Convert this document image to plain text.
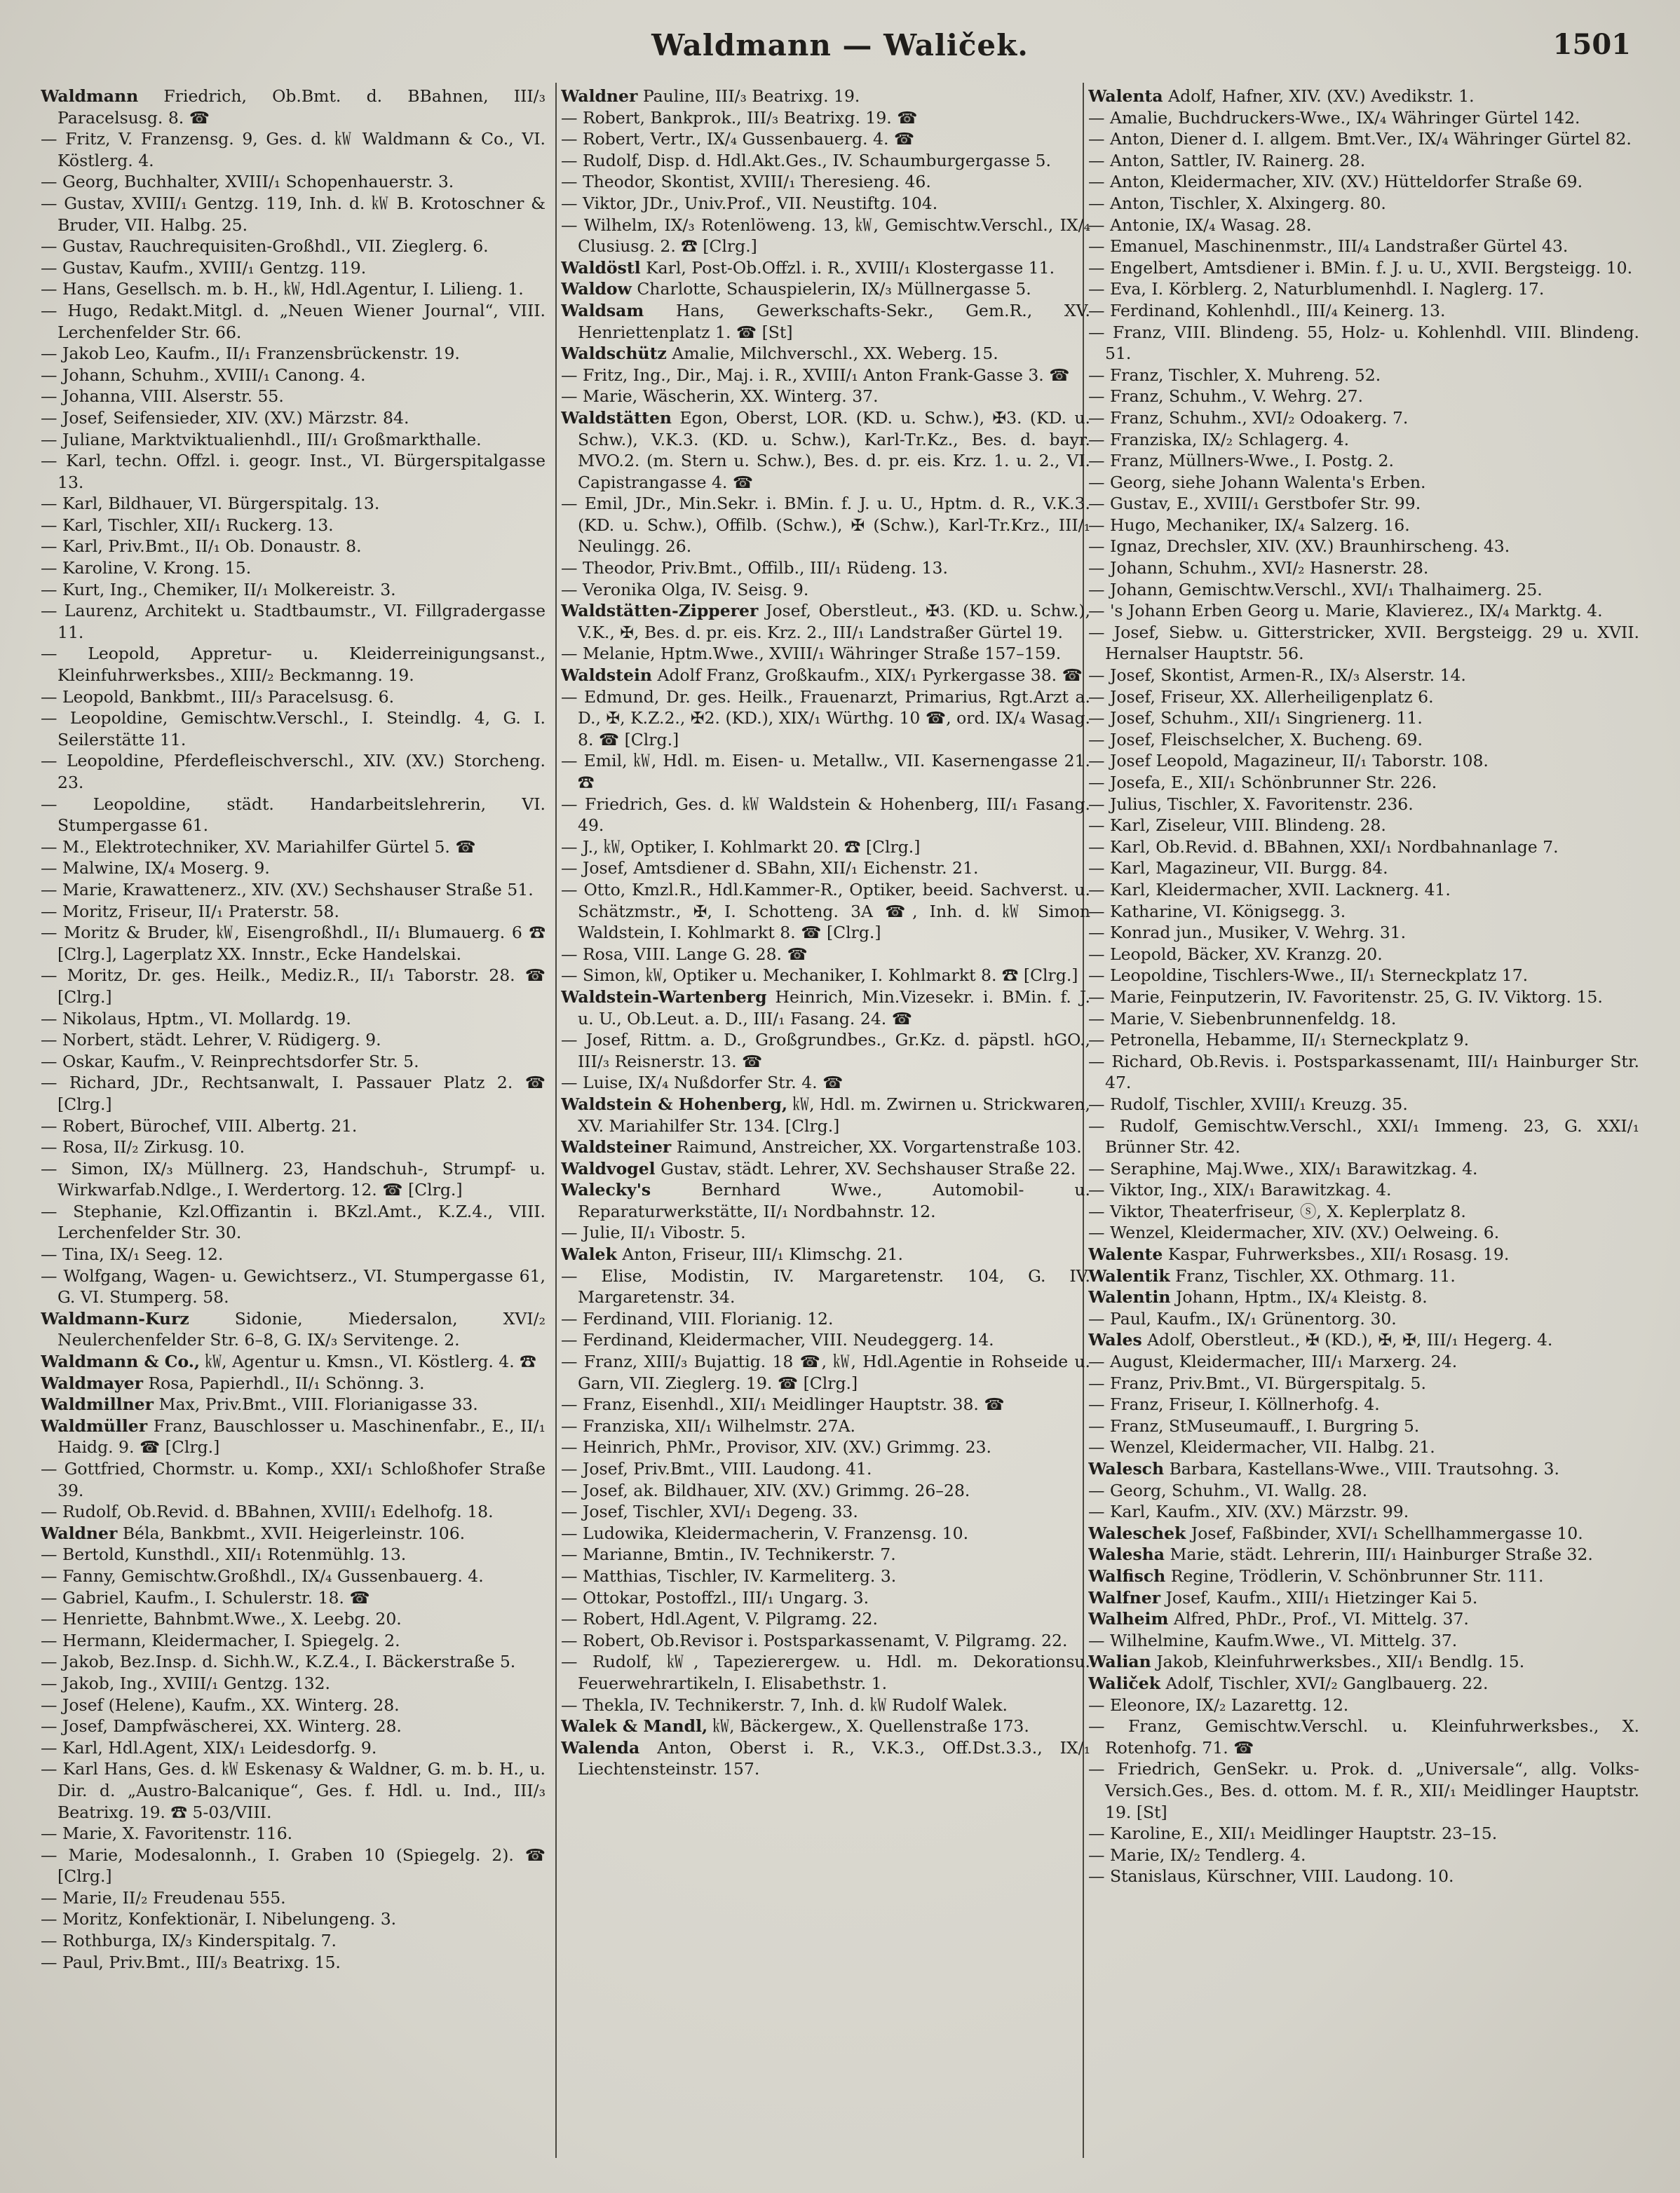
Waldmann — Waliček.	1501

Waldmann Friedrich, Ob.Bmt. d. BBahnen, III/₃ Paracelsusg. 8. ☎

— Fritz, V. Franzensg. 9, Ges. d. ㎾ Waldmann & Co., VI. Köstlerg. 4.

— Georg, Buchhalter, XVIII/₁ Schopenhauerstr. 3.

— Gustav, XVIII/₁ Gentzg. 119, Inh. d. ㎾ B. Krotoschner & Bruder, VII. Halbg. 25.

— Gustav, Rauchrequisiten-Großhdl., VII. Zieglerg. 6.

— Gustav, Kaufm., XVIII/₁ Gentzg. 119.

— Hans, Gesellsch. m. b. H., ㎾, Hdl.Agentur, I. Lilieng. 1.

— Hugo, Redakt.Mitgl. d. „Neuen Wiener Journal“, VIII. Lerchenfelder Str. 66.

— Jakob Leo, Kaufm., II/₁ Franzensbrückenstr. 19.

— Johann, Schuhm., XVIII/₁ Canong. 4.

— Johanna, VIII. Alserstr. 55.

— Josef, Seifensieder, XIV. (XV.) Märzstr. 84.

— Juliane, Marktviktualienhdl., III/₁ Großmarkthalle.

— Karl, techn. Offzl. i. geogr. Inst., VI. Bürgerspitalgasse 13.

— Karl, Bildhauer, VI. Bürgerspitalg. 13.

— Karl, Tischler, XII/₁ Ruckerg. 13.

— Karl, Priv.Bmt., II/₁ Ob. Donaustr. 8.

— Karoline, V. Krong. 15.

— Kurt, Ing., Chemiker, II/₁ Molkereistr. 3.

— Laurenz, Architekt u. Stadtbaumstr., VI. Fillgradergasse 11.

— Leopold, Appretur- u. Kleiderreinigungsanst., Kleinfuhrwerksbes., XIII/₂ Beckmanng. 19.

— Leopold, Bankbmt., III/₃ Paracelsusg. 6.

— Leopoldine, Gemischtw.Verschl., I. Steindlg. 4, G. I. Seilerstätte 11.

— Leopoldine, Pferdefleischverschl., XIV. (XV.) Storcheng. 23.

— Leopoldine, städt. Handarbeitslehrerin, VI. Stumpergasse 61.

— M., Elektrotechniker, XV. Mariahilfer Gürtel 5. ☎

— Malwine, IX/₄ Moserg. 9.

— Marie, Krawattenerz., XIV. (XV.) Sechshauser Straße 51.

— Moritz, Friseur, II/₁ Praterstr. 58.

— Moritz & Bruder, ㎾, Eisengroßhdl., II/₁ Blumauerg. 6 ☎ [Clrg.], Lagerplatz XX. Innstr., Ecke Handelskai.

— Moritz, Dr. ges. Heilk., Mediz.R., II/₁ Taborstr. 28. ☎ [Clrg.]

— Nikolaus, Hptm., VI. Mollardg. 19.

— Norbert, städt. Lehrer, V. Rüdigerg. 9.

— Oskar, Kaufm., V. Reinprechtsdorfer Str. 5.

— Richard, JDr., Rechtsanwalt, I. Passauer Platz 2. ☎ [Clrg.]

— Robert, Bürochef, VIII. Albertg. 21.

— Rosa, II/₂ Zirkusg. 10.

— Simon, IX/₃ Müllnerg. 23, Handschuh-, Strumpf- u. Wirkwarfab.Ndlge., I. Werdertorg. 12. ☎ [Clrg.]

— Stephanie, Kzl.Offizantin i. BKzl.Amt., K.Z.4., VIII. Lerchenfelder Str. 30.

— Tina, IX/₁ Seeg. 12.

— Wolfgang, Wagen- u. Gewichtserz., VI. Stumpergasse 61, G. VI. Stumperg. 58.

Waldmann-Kurz	Sidonie, Miedersalon, XVI/₂ Neulerchenfelder Str. 6–8, G. IX/₃ Servitenge. 2.

Waldmann & Co., ㎾, Agentur u. Kmsn., VI. Köstlerg. 4. ☎

Waldmayer Rosa, Papierhdl., II/₁ Schönng. 3.

Waldmillner Max, Priv.Bmt., VIII. Florianigasse 33.

Waldmüller Franz, Bauschlosser u. Maschinenfabr., E., II/₁ Haidg. 9. ☎ [Clrg.]

— Gottfried, Chormstr. u. Komp., XXI/₁ Schloßhofer Straße 39.

— Rudolf, Ob.Revid. d. BBahnen, XVIII/₁ Edelhofg. 18.

Waldner Béla, Bankbmt., XVII. Heigerleinstr. 106.

— Bertold, Kunsthdl., XII/₁ Rotenmühlg. 13.

— Fanny, Gemischtw.Großhdl., IX/₄ Gussenbauerg. 4.

— Gabriel, Kaufm., I. Schulerstr. 18. ☎

— Henriette, Bahnbmt.Wwe., X. Leebg. 20.

— Hermann, Kleidermacher, I. Spiegelg. 2.

— Jakob, Bez.Insp. d. Sichh.W., K.Z.4., I. Bäckerstraße 5.

— Jakob, Ing., XVIII/₁ Gentzg. 132.

— Josef (Helene), Kaufm., XX. Winterg. 28.

— Josef, Dampfwäscherei, XX. Winterg. 28.

— Karl, Hdl.Agent, XIX/₁ Leidesdorfg. 9.

— Karl Hans, Ges. d. ㎾ Eskenasy & Waldner, G. m. b. H., u. Dir. d. „Austro-Balcanique“, Ges. f. Hdl. u. Ind., III/₃ Beatrixg. 19. ☎ 5-03/VIII.

— Marie, X. Favoritenstr. 116.

— Marie, Modesalonnh., I. Graben 10 (Spiegelg. 2). ☎ [Clrg.]

— Marie, II/₂ Freudenau 555.

— Moritz, Konfektionär, I. Nibelungeng. 3.

— Rothburga, IX/₃ Kinderspitalg. 7.

— Paul, Priv.Bmt., III/₃ Beatrixg. 15.

Waldner Pauline, III/₃ Beatrixg. 19.

— Robert, Bankprok., III/₃ Beatrixg. 19. ☎

— Robert, Vertr., IX/₄ Gussenbauerg. 4. ☎

— Rudolf, Disp. d. Hdl.Akt.Ges., IV. Schaumburgergasse 5.

— Theodor, Skontist, XVIII/₁ Theresieng. 46.

— Viktor, JDr., Univ.Prof., VII. Neustiftg. 104.

— Wilhelm, IX/₃ Rotenlöweng. 13, ㎾, Gemischtw.Verschl., IX/₄ Clusiusg. 2. ☎ [Clrg.]

Waldöstl Karl, Post-Ob.Offzl. i. R., XVIII/₁ Klostergasse 11.

Waldow Charlotte, Schauspielerin, IX/₃ Müllnergasse 5.

Waldsam Hans, Gewerkschafts-Sekr., Gem.R., XV. Henriettenplatz 1. ☎ [St]

Waldschütz Amalie, Milchverschl., XX. Weberg. 15.

— Fritz, Ing., Dir., Maj. i. R., XVIII/₁ Anton Frank-Gasse 3. ☎

— Marie, Wäscherin, XX. Winterg. 37.

Waldstätten Egon, Oberst, LOR. (KD. u. Schw.), ✠3. (KD. u. Schw.), V.K.3. (KD. u. Schw.), Karl-Tr.Kz., Bes. d. bayr. MVO.2. (m. Stern u. Schw.), Bes. d. pr. eis. Krz. 1. u. 2., VI. Capistrangasse 4. ☎

— Emil, JDr., Min.Sekr. i. BMin. f. J. u. U., Hptm. d. R., V.K.3. (KD. u. Schw.), Offilb. (Schw.), ✠ (Schw.), Karl-Tr.Krz., III/₁ Neulingg. 26.

— Theodor, Priv.Bmt., Offilb., III/₁ Rüdeng. 13.

— Veronika Olga, IV. Seisg. 9.

Waldstätten-Zipperer Josef, Oberstleut., ✠3. (KD. u. Schw.), V.K., ✠, Bes. d. pr. eis. Krz. 2., III/₁ Landstraßer Gürtel 19.

— Melanie, Hptm.Wwe., XVIII/₁ Währinger Straße 157–159.

Waldstein Adolf Franz, Großkaufm., XIX/₁ Pyrkergasse 38. ☎

— Edmund, Dr. ges. Heilk., Frauenarzt, Primarius, Rgt.Arzt a. D., ✠, K.Z.2., ✠2. (KD.), XIX/₁ Würthg. 10 ☎, ord. IX/₄ Wasag. 8. ☎ [Clrg.]

— Emil, ㎾, Hdl. m. Eisen- u. Metallw., VII. Kasernengasse 21. ☎

— Friedrich, Ges. d. ㎾ Waldstein & Hohenberg, III/₁ Fasang. 49.

— J., ㎾, Optiker, I. Kohlmarkt 20. ☎ [Clrg.]

— Josef, Amtsdiener d. SBahn, XII/₁ Eichenstr. 21.

— Otto, Kmzl.R., Hdl.Kammer-R., Optiker, beeid. Sachverst. u. Schätzmstr., ✠, I. Schotteng. 3A ☎, Inh. d. ㎾ Simon Waldstein, I. Kohlmarkt 8. ☎ [Clrg.]

— Rosa, VIII. Lange G. 28. ☎

— Simon, ㎾, Optiker u. Mechaniker, I. Kohlmarkt 8. ☎ [Clrg.]

Waldstein-Wartenberg Heinrich, Min.Vizesekr. i. BMin. f. J. u. U., Ob.Leut. a. D., III/₁ Fasang. 24. ☎

— Josef, Rittm. a. D., Großgrundbes., Gr.Kz. d. päpstl. hGO., III/₃ Reisnerstr. 13. ☎

— Luise, IX/₄ Nußdorfer Str. 4. ☎

Waldstein & Hohenberg, ㎾, Hdl. m. Zwirnen u. Strickwaren, XV. Mariahilfer Str. 134. [Clrg.]

Waldsteiner Raimund, Anstreicher, XX. Vorgartenstraße 103.

Waldvogel Gustav, städt. Lehrer, XV. Sechshauser Straße 22.

Walecky's	Bernhard Wwe., Automobil- u. Reparaturwerkstätte, II/₁ Nordbahnstr. 12.

— Julie, II/₁ Vibostr. 5.

Walek Anton, Friseur, III/₁ Klimschg. 21.

— Elise, Modistin, IV. Margaretenstr. 104, G. IV. Margaretenstr. 34.

— Ferdinand, VIII. Florianig. 12.

— Ferdinand, Kleidermacher, VIII. Neudeggerg. 14.

— Franz, XIII/₃ Bujattig. 18 ☎, ㎾, Hdl.Agentie in Rohseide u. Garn, VII. Zieglerg. 19. ☎ [Clrg.]

— Franz, Eisenhdl., XII/₁ Meidlinger Hauptstr. 38. ☎

— Franziska, XII/₁ Wilhelmstr. 27A.

— Heinrich, PhMr., Provisor, XIV. (XV.) Grimmg. 23.

— Josef, Priv.Bmt., VIII. Laudong. 41.

— Josef, ak. Bildhauer, XIV. (XV.) Grimmg. 26–28.

— Josef, Tischler, XVI/₁ Degeng. 33.

— Ludowika, Kleidermacherin, V. Franzensg. 10.

— Marianne, Bmtin., IV. Technikerstr. 7.

— Matthias, Tischler, IV. Karmeliterg. 3.

— Ottokar, Postoffzl., III/₁ Ungarg. 3.

— Robert, Hdl.Agent, V. Pilgramg. 22.

— Robert, Ob.Revisor i. Postsparkassenamt, V. Pilgramg. 22.

— Rudolf, ㎾, Tapezierergew. u. Hdl. m. Dekorationsu. Feuerwehrartikeln, I. Elisabethstr. 1.

— Thekla, IV. Technikerstr. 7, Inh. d. ㎾ Rudolf Walek.

Walek & Mandl, ㎾, Bäckergew., X. Quellenstraße 173.

Walenda Anton, Oberst i. R., V.K.3., Off.Dst.3.3., IX/₁ Liechtensteinstr. 157.

Walenta Adolf, Hafner, XIV. (XV.) Avedikstr. 1.

— Amalie, Buchdruckers-Wwe., IX/₄ Währinger Gürtel 142.

— Anton, Diener d. I. allgem. Bmt.Ver., IX/₄ Währinger Gürtel 82.

— Anton, Sattler, IV. Rainerg. 28.

— Anton, Kleidermacher, XIV. (XV.) Hütteldorfer Straße 69.

— Anton, Tischler, X. Alxingerg. 80.

— Antonie, IX/₄ Wasag. 28.

— Emanuel, Maschinenmstr., III/₄ Landstraßer Gürtel 43.

— Engelbert, Amtsdiener i. BMin. f. J. u. U., XVII. Bergsteigg. 10.

— Eva, I. Körblerg. 2, Naturblumenhdl. I. Naglerg. 17.

— Ferdinand, Kohlenhdl., III/₄ Keinerg. 13.

— Franz, VIII. Blindeng. 55, Holz- u. Kohlenhdl. VIII. Blindeng. 51.

— Franz, Tischler, X. Muhreng. 52.

— Franz, Schuhm., V. Wehrg. 27.

— Franz, Schuhm., XVI/₂ Odoakerg. 7.

— Franziska, IX/₂ Schlagerg. 4.

— Franz, Müllners-Wwe., I. Postg. 2.

— Georg, siehe Johann Walenta's Erben.

— Gustav, E., XVIII/₁ Gerstbofer Str. 99.

— Hugo, Mechaniker, IX/₄ Salzerg. 16.

— Ignaz, Drechsler, XIV. (XV.) Braunhirscheng. 43.

— Johann, Schuhm., XVI/₂ Hasnerstr. 28.

— Johann, Gemischtw.Verschl., XVI/₁ Thalhaimerg. 25.

— 's Johann Erben Georg u. Marie, Klavierez., IX/₄ Marktg. 4.

— Josef, Siebw. u. Gitterstricker, XVII. Bergsteigg. 29 u. XVII. Hernalser Hauptstr. 56.

— Josef, Skontist, Armen-R., IX/₃ Alserstr. 14.

— Josef, Friseur, XX. Allerheiligenplatz 6.

— Josef, Schuhm., XII/₁ Singrienerg. 11.

— Josef, Fleischselcher, X. Bucheng. 69.

— Josef Leopold, Magazineur, II/₁ Taborstr. 108.

— Josefa, E., XII/₁ Schönbrunner Str. 226.

— Julius, Tischler, X. Favoritenstr. 236.

— Karl, Ziseleur, VIII. Blindeng. 28.

— Karl, Ob.Revid. d. BBahnen, XXI/₁ Nordbahnanlage 7.

— Karl, Magazineur, VII. Burgg. 84.

— Karl, Kleidermacher, XVII. Lacknerg. 41.

— Katharine, VI. Königsegg. 3.

— Konrad jun., Musiker, V. Wehrg. 31.

— Leopold, Bäcker, XV. Kranzg. 20.

— Leopoldine, Tischlers-Wwe., II/₁ Sterneckplatz 17.

— Marie, Feinputzerin, IV. Favoritenstr. 25, G. IV. Viktorg. 15.

— Marie, V. Siebenbrunnenfeldg. 18.

— Petronella, Hebamme, II/₁ Sterneckplatz 9.

— Richard, Ob.Revis. i. Postsparkassenamt, III/₁ Hainburger Str. 47.

— Rudolf, Tischler, XVIII/₁ Kreuzg. 35.

— Rudolf, Gemischtw.Verschl., XXI/₁ Immeng. 23, G. XXI/₁ Brünner Str. 42.

— Seraphine, Maj.Wwe., XIX/₁ Barawitzkag. 4.

— Viktor, Ing., XIX/₁ Barawitzkag. 4.

— Viktor, Theaterfriseur, ⓢ, X. Keplerplatz 8.

— Wenzel, Kleidermacher, XIV. (XV.) Oelweing. 6.

Walente Kaspar, Fuhrwerksbes., XII/₁ Rosasg. 19.

Walentik Franz, Tischler, XX. Othmarg. 11.

Walentin Johann, Hptm., IX/₄ Kleistg. 8.

— Paul, Kaufm., IX/₁ Grünentorg. 30.

Wales Adolf, Oberstleut., ✠ (KD.), ✠, ✠, III/₁ Hegerg. 4.

— August, Kleidermacher, III/₁ Marxerg. 24.

— Franz, Priv.Bmt., VI. Bürgerspitalg. 5.

— Franz, Friseur, I. Köllnerhofg. 4.

— Franz, StMuseumauff., I. Burgring 5.

— Wenzel, Kleidermacher, VII. Halbg. 21.

Walesch Barbara, Kastellans-Wwe., VIII. Trautsohng. 3.

— Georg, Schuhm., VI. Wallg. 28.

— Karl, Kaufm., XIV. (XV.) Märzstr. 99.

Waleschek Josef, Faßbinder, XVI/₁ Schellhammergasse 10.

Walesha Marie, städt. Lehrerin, III/₁ Hainburger Straße 32.

Walfisch Regine, Trödlerin, V. Schönbrunner Str. 111.

Walfner Josef, Kaufm., XIII/₁ Hietzinger Kai 5.

Walheim Alfred, PhDr., Prof., VI. Mittelg. 37.

— Wilhelmine, Kaufm.Wwe., VI. Mittelg. 37.

Walian Jakob, Kleinfuhrwerksbes., XII/₁ Bendlg. 15.

Waliček Adolf, Tischler, XVI/₂ Ganglbauerg. 22.

— Eleonore, IX/₂ Lazarettg. 12.

— Franz, Gemischtw.Verschl. u. Kleinfuhrwerksbes., X. Rotenhofg. 71. ☎

— Friedrich, GenSekr. u. Prok. d. „Universale“, allg. Volks-Versich.Ges., Bes. d. ottom. M. f. R., XII/₁ Meidlinger Hauptstr. 19. [St]

— Karoline, E., XII/₁ Meidlinger Hauptstr. 23–15.

— Marie, IX/₂ Tendlerg. 4.

— Stanislaus, Kürschner, VIII. Laudong. 10.
